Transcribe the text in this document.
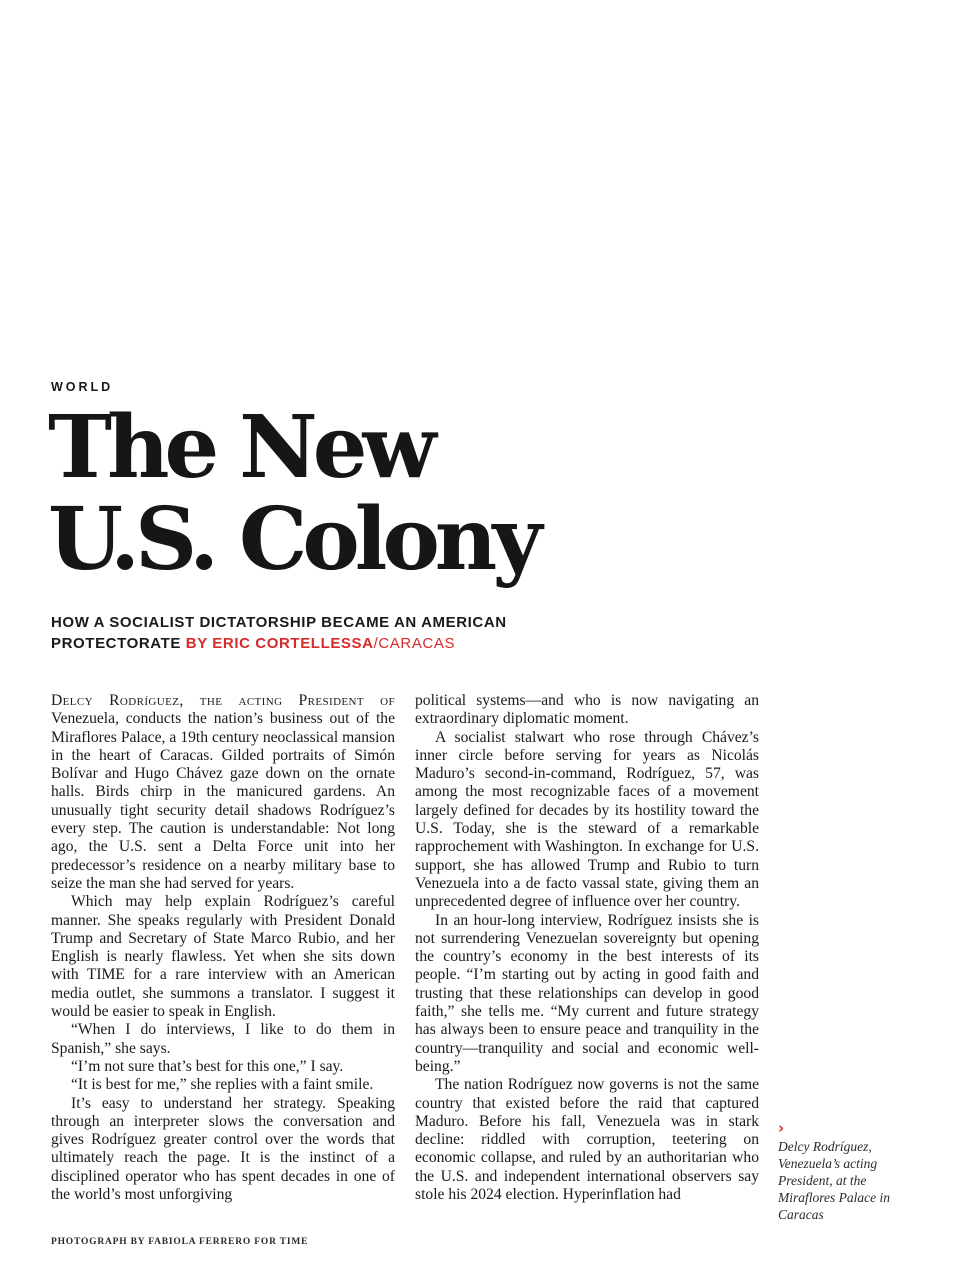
WORLD
The New
U.S. Colony
HOW A SOCIALIST DICTATORSHIP BECAME AN AMERICAN PROTECTORATE BY ERIC CORTELLESSA/CARACAS

Delcy Rodríguez, the acting President of Venezuela, conducts the nation’s business out of the Miraflores Palace, a 19th century neoclassical mansion in the heart of Caracas. Gilded portraits of Simón Bolívar and Hugo Chávez gaze down on the ornate halls. Birds chirp in the manicured gardens. An unusually tight security detail shadows Rodríguez’s every step. The caution is understandable: Not long ago, the U.S. sent a Delta Force unit into her predecessor’s residence on a nearby military base to seize the man she had served for years.

Which may help explain Rodríguez’s careful manner. She speaks regularly with President Donald Trump and Secretary of State Marco Rubio, and her English is nearly flawless. Yet when she sits down with TIME for a rare interview with an American media outlet, she summons a translator. I suggest it would be easier to speak in English.

“When I do interviews, I like to do them in Spanish,” she says.

“I’m not sure that’s best for this one,” I say.

“It is best for me,” she replies with a faint smile.

It’s easy to understand her strategy. Speaking through an interpreter slows the conversation and gives Rodríguez greater control over the words that ultimately reach the page. It is the instinct of a disciplined operator who has spent decades in one of the world’s most unforgiving

political systems—and who is now navigating an extraordinary diplomatic moment.

A socialist stalwart who rose through Chávez’s inner circle before serving for years as Nicolás Maduro’s second-in-command, Rodríguez, 57, was among the most recognizable faces of a movement largely defined for decades by its hostility toward the U.S. Today, she is the steward of a remarkable rapprochement with Washington. In exchange for U.S. support, she has allowed Trump and Rubio to turn Venezuela into a de facto vassal state, giving them an unprecedented degree of influence over her country.

In an hour-long interview, Rodríguez insists she is not surrendering Venezuelan sovereignty but opening the country’s economy in the best interests of its people. “I’m starting out by acting in good faith and trusting that these relationships can develop in good faith,” she tells me. “My current and future strategy has always been to ensure peace and tranquility in the country—tranquility and social and economic well-being.”

The nation Rodríguez now governs is not the same country that existed before the raid that captured Maduro. Before his fall, Venezuela was in stark decline: riddled with corruption, teetering on economic collapse, and ruled by an authoritarian who the U.S. and independent international observers say stole his 2024 election. Hyperinflation had

›
Delcy Rodríguez, Venezuela’s acting President, at the Miraflores Palace in Caracas
PHOTOGRAPH BY FABIOLA FERRERO FOR TIME
